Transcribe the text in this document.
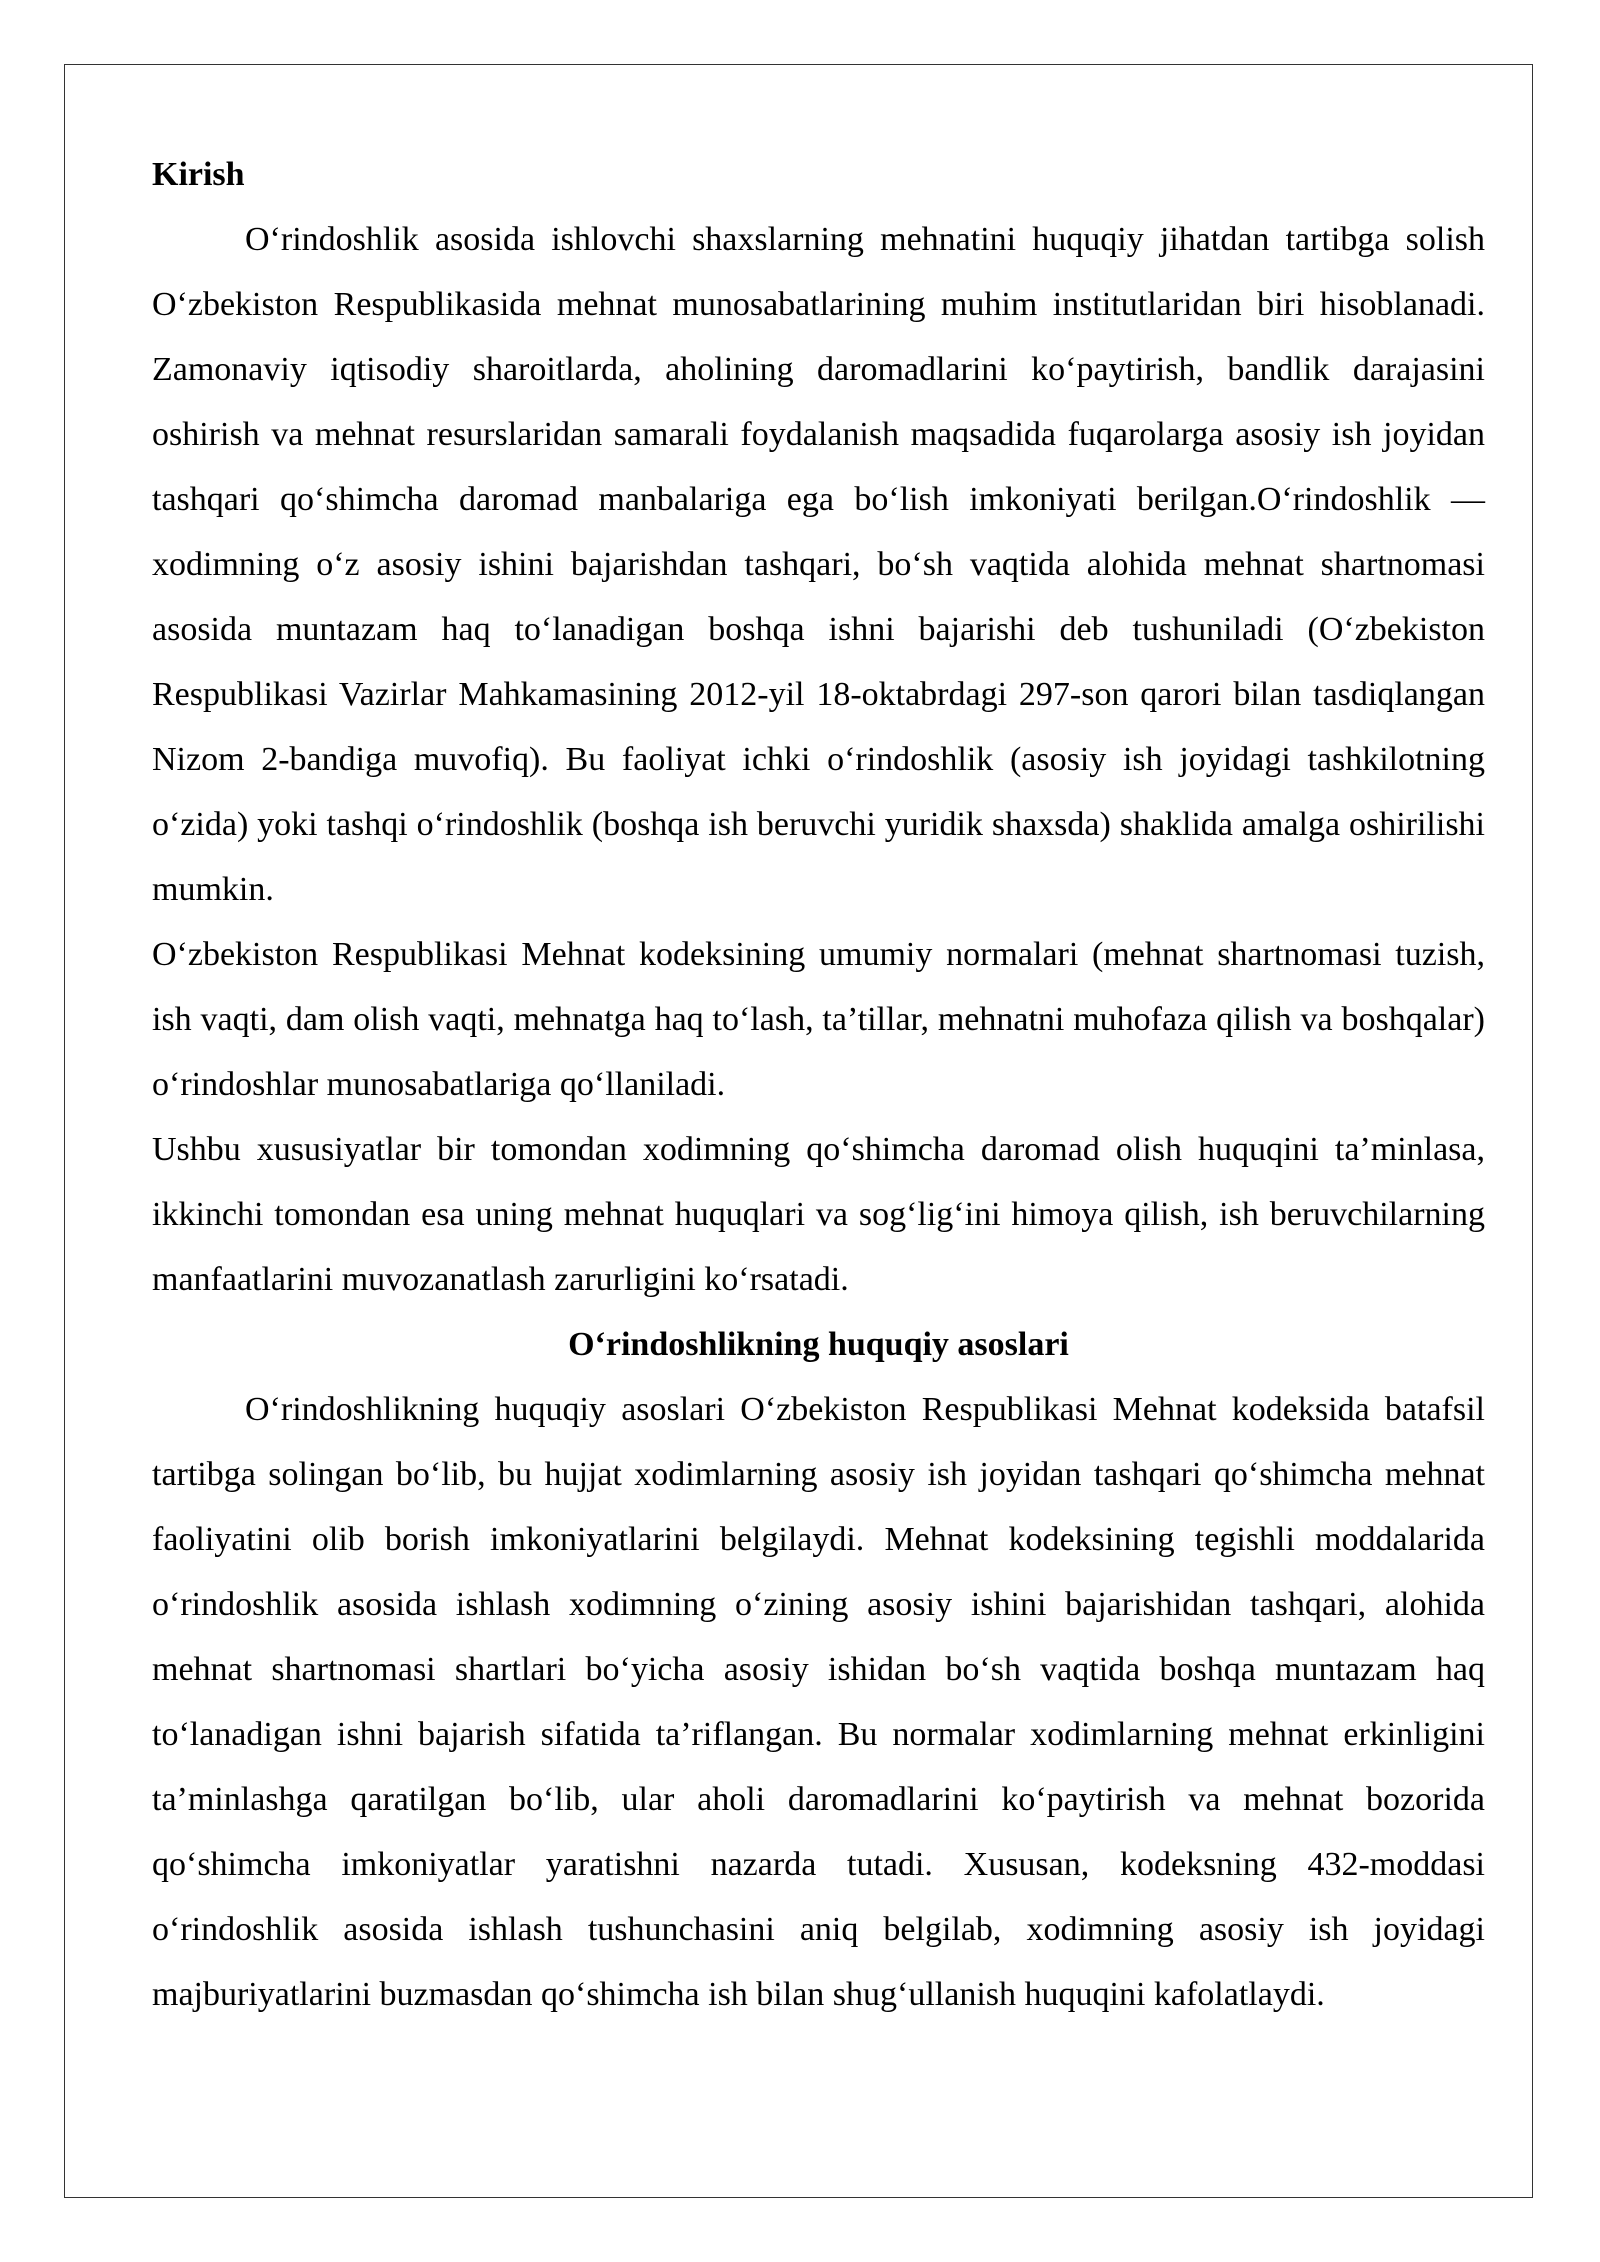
Kirish

O‘rindoshlik asosida ishlovchi shaxslarning mehnatini huquqiy jihatdan tartibga solish O‘zbekiston Respublikasida mehnat munosabatlarining muhim institutlaridan biri hisoblanadi. Zamonaviy iqtisodiy sharoitlarda, aholining daromadlarini ko‘paytirish, bandlik darajasini oshirish va mehnat resurslaridan samarali foydalanish maqsadida fuqarolarga asosiy ish joyidan tashqari qo‘shimcha daromad manbalariga ega bo‘lish imkoniyati berilgan.O‘rindoshlik — xodimning o‘z asosiy ishini bajarishdan tashqari, bo‘sh vaqtida alohida mehnat shartnomasi asosida muntazam haq to‘lanadigan boshqa ishni bajarishi deb tushuniladi (O‘zbekiston Respublikasi Vazirlar Mahkamasining 2012-yil 18-oktabrdagi 297-son qarori bilan tasdiqlangan Nizom 2-bandiga muvofiq). Bu faoliyat ichki o‘rindoshlik (asosiy ish joyidagi tashkilotning o‘zida) yoki tashqi o‘rindoshlik (boshqa ish beruvchi yuridik shaxsda) shaklida amalga oshirilishi mumkin.

O‘zbekiston Respublikasi Mehnat kodeksining umumiy normalari (mehnat shartnomasi tuzish, ish vaqti, dam olish vaqti, mehnatga haq to‘lash, ta’tillar, mehnatni muhofaza qilish va boshqalar) o‘rindoshlar munosabatlariga qo‘llaniladi.

Ushbu xususiyatlar bir tomondan xodimning qo‘shimcha daromad olish huquqini ta’minlasa, ikkinchi tomondan esa uning mehnat huquqlari va sog‘lig‘ini himoya qilish, ish beruvchilarning manfaatlarini muvozanatlash zarurligini ko‘rsatadi.

O‘rindoshlikning huquqiy asoslari

O‘rindoshlikning huquqiy asoslari O‘zbekiston Respublikasi Mehnat kodeksida batafsil tartibga solingan bo‘lib, bu hujjat xodimlarning asosiy ish joyidan tashqari qo‘shimcha mehnat faoliyatini olib borish imkoniyatlarini belgilaydi. Mehnat kodeksining tegishli moddalarida o‘rindoshlik asosida ishlash xodimning o‘zining asosiy ishini bajarishidan tashqari, alohida mehnat shartnomasi shartlari bo‘yicha asosiy ishidan bo‘sh vaqtida boshqa muntazam haq to‘lanadigan ishni bajarish sifatida ta’riflangan. Bu normalar xodimlarning mehnat erkinligini ta’minlashga qaratilgan bo‘lib, ular aholi daromadlarini ko‘paytirish va mehnat bozorida qo‘shimcha imkoniyatlar yaratishni nazarda tutadi. Xususan, kodeksning 432-moddasi o‘rindoshlik asosida ishlash tushunchasini aniq belgilab, xodimning asosiy ish joyidagi majburiyatlarini buzmasdan qo‘shimcha ish bilan shug‘ullanish huquqini kafolatlaydi.
